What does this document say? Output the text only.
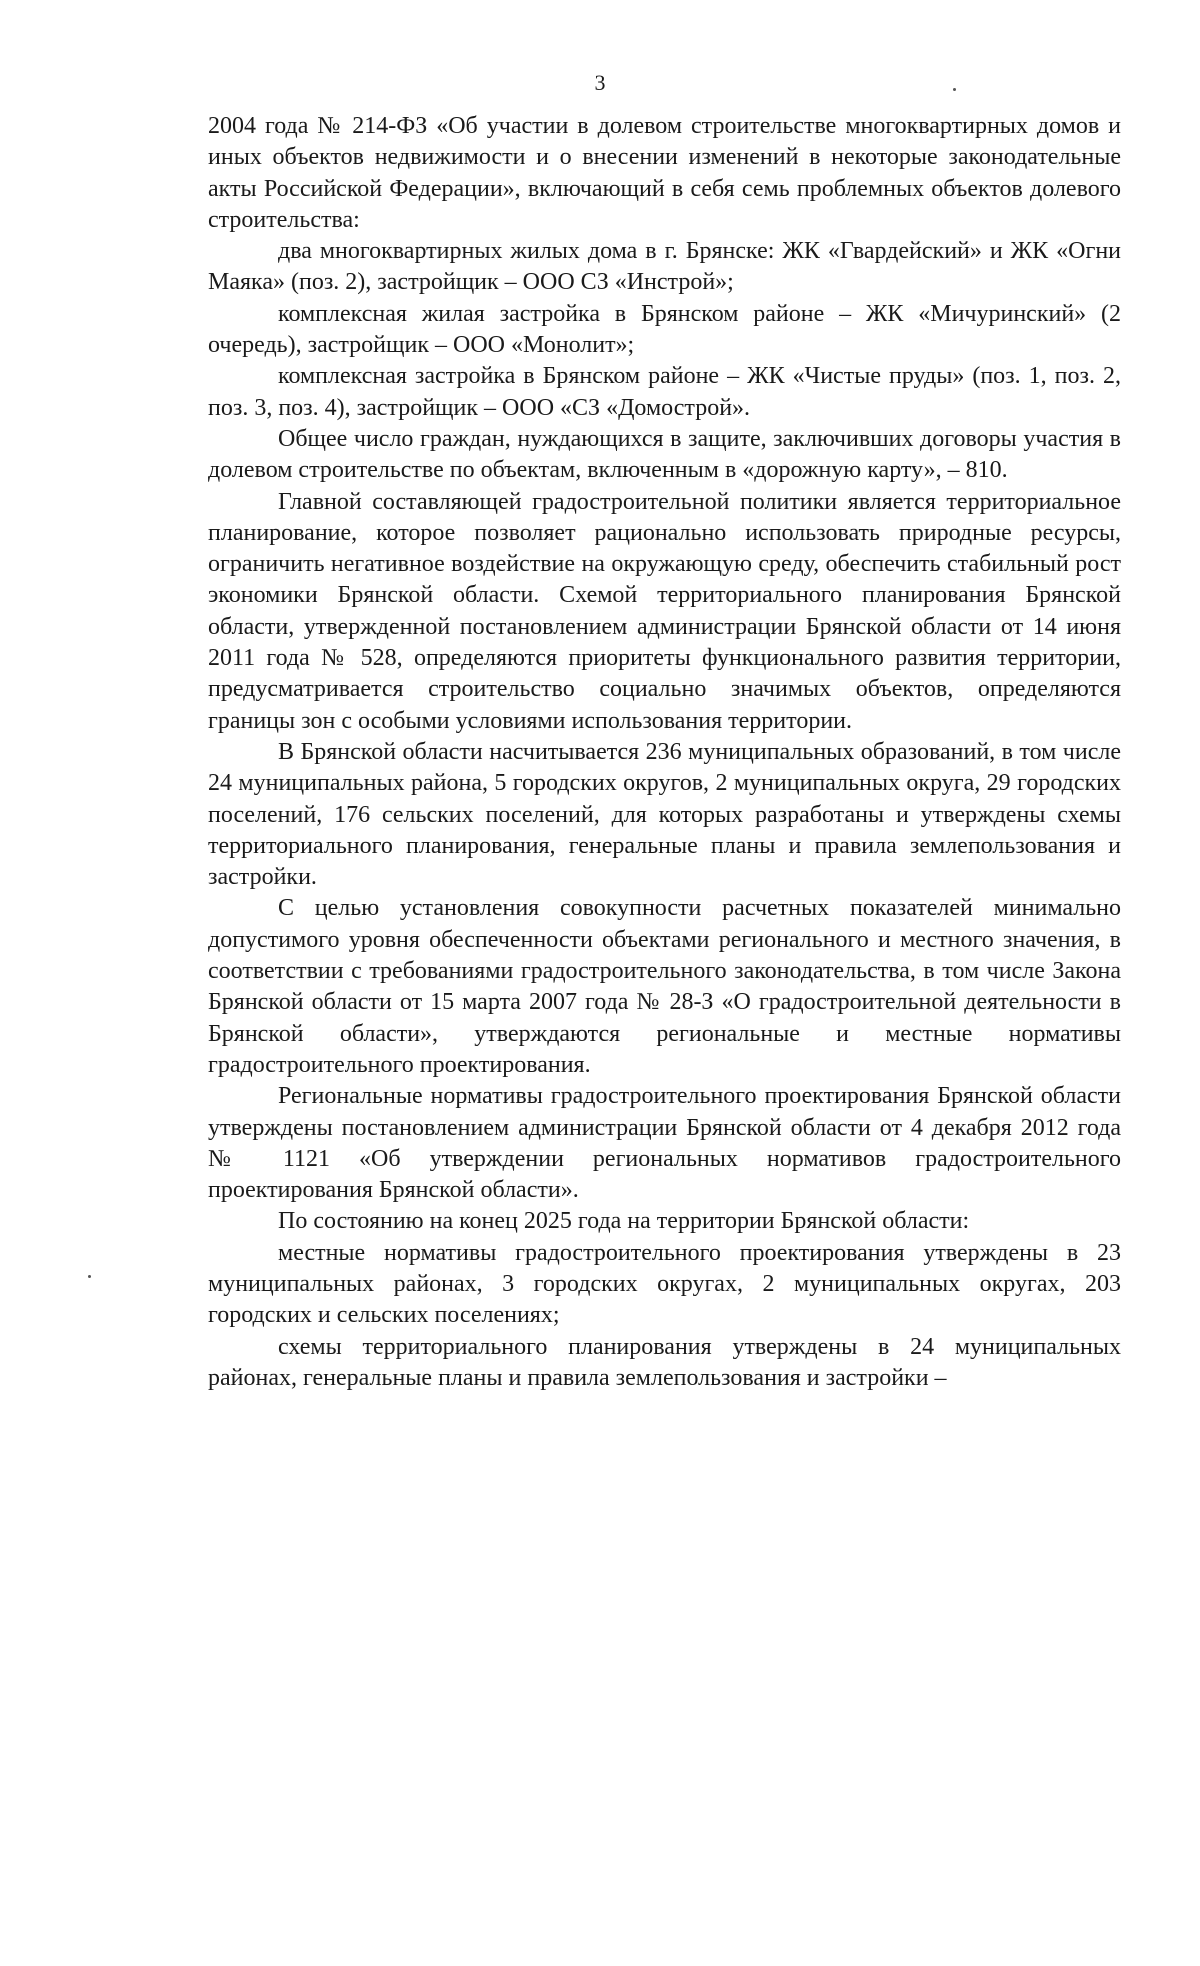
3

2004 года № 214-ФЗ «Об участии в долевом строительстве многоквартирных домов и иных объектов недвижимости и о внесении изменений в некоторые законодательные акты Российской Федерации», включающий в себя семь проблемных объектов долевого строительства:

два многоквартирных жилых дома в г. Брянске: ЖК «Гвардейский» и ЖК «Огни Маяка» (поз. 2), застройщик – ООО СЗ «Инстрой»;

комплексная жилая застройка в Брянском районе – ЖК «Мичуринский» (2 очередь), застройщик – ООО «Монолит»;

комплексная застройка в Брянском районе – ЖК «Чистые пруды» (поз. 1, поз. 2, поз. 3, поз. 4), застройщик – ООО «СЗ «Домострой».

Общее число граждан, нуждающихся в защите, заключивших договоры участия в долевом строительстве по объектам, включенным в «дорожную карту», – 810.

Главной составляющей градостроительной политики является территориальное планирование, которое позволяет рационально использовать природные ресурсы, ограничить негативное воздействие на окружающую среду, обеспечить стабильный рост экономики Брянской области. Схемой территориального планирования Брянской области, утвержденной постановлением администрации Брянской области от 14 июня 2011 года № 528, определяются приоритеты функционального развития территории, предусматривается строительство социально значимых объектов, определяются границы зон с особыми условиями использования территории.

В Брянской области насчитывается 236 муниципальных образований, в том числе 24 муниципальных района, 5 городских округов, 2 муниципальных округа, 29 городских поселений, 176 сельских поселений, для которых разработаны и утверждены схемы территориального планирования, генеральные планы и правила землепользования и застройки.

С целью установления совокупности расчетных показателей минимально допустимого уровня обеспеченности объектами регионального и местного значения, в соответствии с требованиями градостроительного законодательства, в том числе Закона Брянской области от 15 марта 2007 года № 28-З «О градостроительной деятельности в Брянской области», утверждаются региональные и местные нормативы градостроительного проектирования.

Региональные нормативы градостроительного проектирования Брянской области утверждены постановлением администрации Брянской области от 4 декабря 2012 года № 1121 «Об утверждении региональных нормативов градостроительного проектирования Брянской области».

По состоянию на конец 2025 года на территории Брянской области:

местные нормативы градостроительного проектирования утверждены в 23 муниципальных районах, 3 городских округах, 2 муниципальных округах, 203 городских и сельских поселениях;

схемы территориального планирования утверждены в 24 муниципальных районах, генеральные планы и правила землепользования и застройки –
